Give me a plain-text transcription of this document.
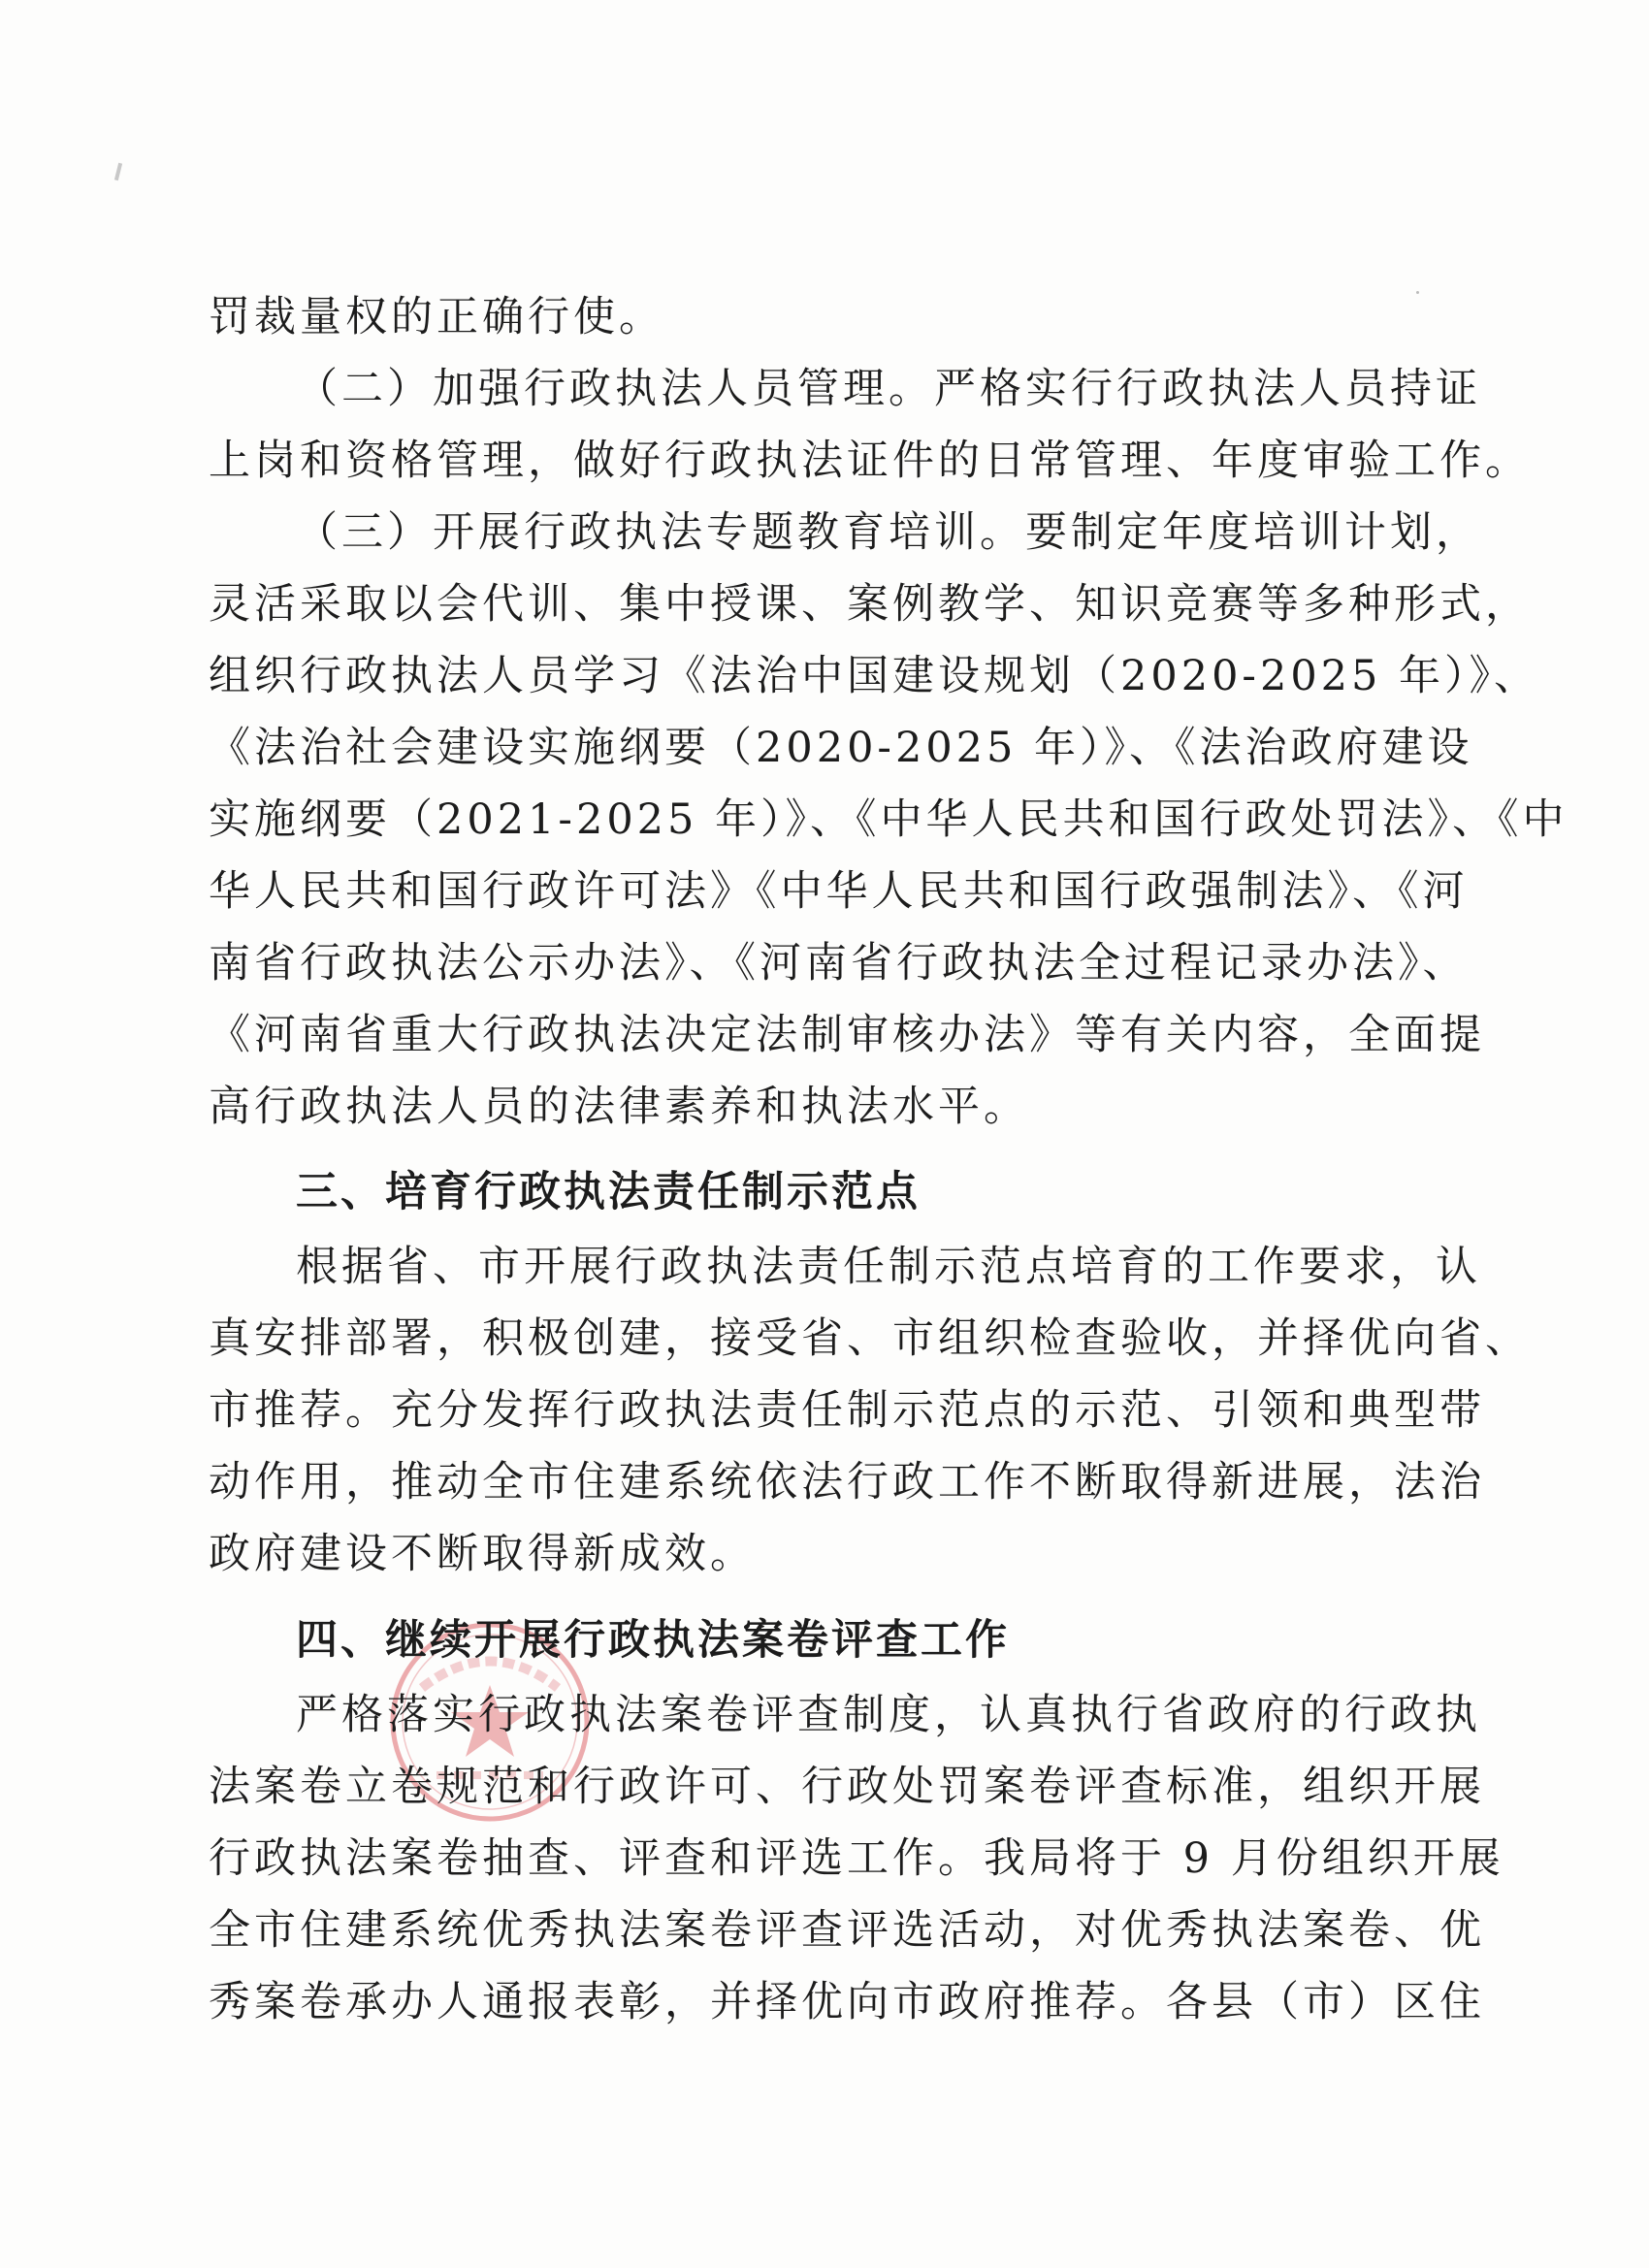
罚裁量权的正确行使。
（二）加强行政执法人员管理。严格实行行政执法人员持证
上岗和资格管理，做好行政执法证件的日常管理、年度审验工作。
（三）开展行政执法专题教育培训。要制定年度培训计划，
灵活采取以会代训、集中授课、案例教学、知识竞赛等多种形式，
组织行政执法人员学习《法治中国建设规划（2020-2025 年）》、
《法治社会建设实施纲要（2020-2025 年）》、《法治政府建设
实施纲要（2021-2025 年）》、《中华人民共和国行政处罚法》、《中
华人民共和国行政许可法》《中华人民共和国行政强制法》、《河
南省行政执法公示办法》、《河南省行政执法全过程记录办法》、
《河南省重大行政执法决定法制审核办法》等有关内容，全面提
高行政执法人员的法律素养和执法水平。
三、培育行政执法责任制示范点
根据省、市开展行政执法责任制示范点培育的工作要求，认
真安排部署，积极创建，接受省、市组织检查验收，并择优向省、
市推荐。充分发挥行政执法责任制示范点的示范、引领和典型带
动作用，推动全市住建系统依法行政工作不断取得新进展，法治
政府建设不断取得新成效。
四、继续开展行政执法案卷评查工作
严格落实行政执法案卷评查制度，认真执行省政府的行政执
法案卷立卷规范和行政许可、行政处罚案卷评查标准，组织开展
行政执法案卷抽查、评查和评选工作。我局将于 9 月份组织开展
全市住建系统优秀执法案卷评查评选活动，对优秀执法案卷、优
秀案卷承办人通报表彰，并择优向市政府推荐。各县（市）区住
